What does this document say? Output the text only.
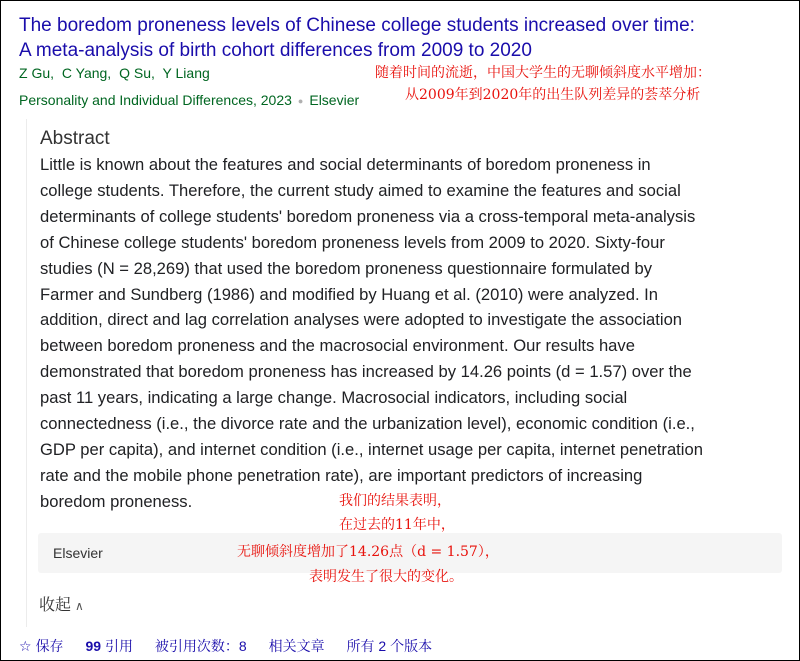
The boredom proneness levels of Chinese college students increased over time:
A meta-analysis of birth cohort differences from 2009 to 2020
Z Gu, C Yang, Q Su, Y Liang
Personality and Individual Differences, 2023 ● Elsevier
随着时间的流逝，中国大学生的无聊倾斜度水平增加：
从2009年到2020年的出生队列差异的荟萃分析
Abstract
Little is known about the features and social determinants of boredom proneness in
college students. Therefore, the current study aimed to examine the features and social
determinants of college students' boredom proneness via a cross-temporal meta-analysis
of Chinese college students' boredom proneness levels from 2009 to 2020. Sixty-four
studies (N = 28,269) that used the boredom proneness questionnaire formulated by
Farmer and Sundberg (1986) and modified by Huang et al. (2010) were analyzed. In
addition, direct and lag correlation analyses were adopted to investigate the association
between boredom proneness and the macrosocial environment. Our results have
demonstrated that boredom proneness has increased by 14.26 points (d = 1.57) over the
past 11 years, indicating a large change. Macrosocial indicators, including social
connectedness (i.e., the divorce rate and the urbanization level), economic condition (i.e.,
GDP per capita), and internet condition (i.e., internet usage per capita, internet penetration
rate and the mobile phone penetration rate), are important predictors of increasing
boredom proneness.
Elsevier
我们的结果表明，
在过去的11年中，
无聊倾斜度增加了14.26点（d = 1.57），
表明发生了很大的变化。
收起 ∧
☆ 保存 99 引用 被引用次数：8 相关文章 所有 2 个版本
